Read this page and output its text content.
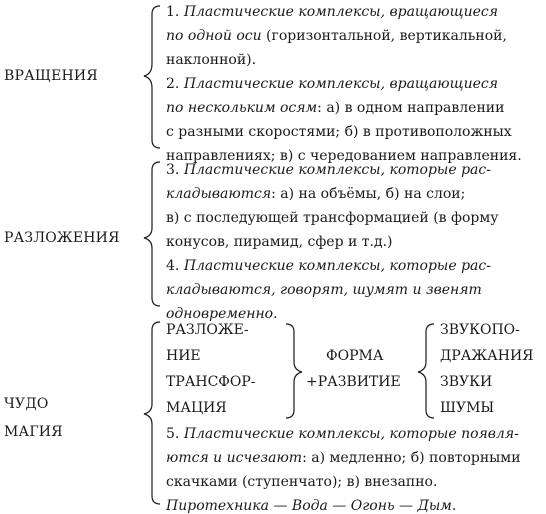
ВРАЩЕНИЯ
1. Пластические комплексы, вращающиеся
по одной оси (горизонтальной, вертикальной,
наклонной).
2. Пластические комплексы, вращающиеся
по нескольким осям: а) в одном направлении
с разными скоростями; б) в противоположных
направлениях; в) с чередованием направления.
РАЗЛОЖЕНИЯ
3. Пластические комплексы, которые рас-
кладываются: а) на объёмы, б) на слои;
в) с последующей трансформацией (в форму
конусов, пирамид, сфер и т.д.)
4. Пластические комплексы, которые рас-
кладываются, говорят, шумят и звенят
одновременно.
ЧУДО
МАГИЯ
РАЗЛОЖЕ-
НИЕ
ТРАНСФОР-
МАЦИЯ
ФОРМА
+РАЗВИТИЕ
ЗВУКОПО-
ДРАЖАНИЯ
ЗВУКИ
ШУМЫ
5. Пластические комплексы, которые появля-
ются и исчезают: а) медленно; б) повторными
скачками (ступенчато); в) внезапно.
Пиротехника — Вода — Огонь — Дым.
